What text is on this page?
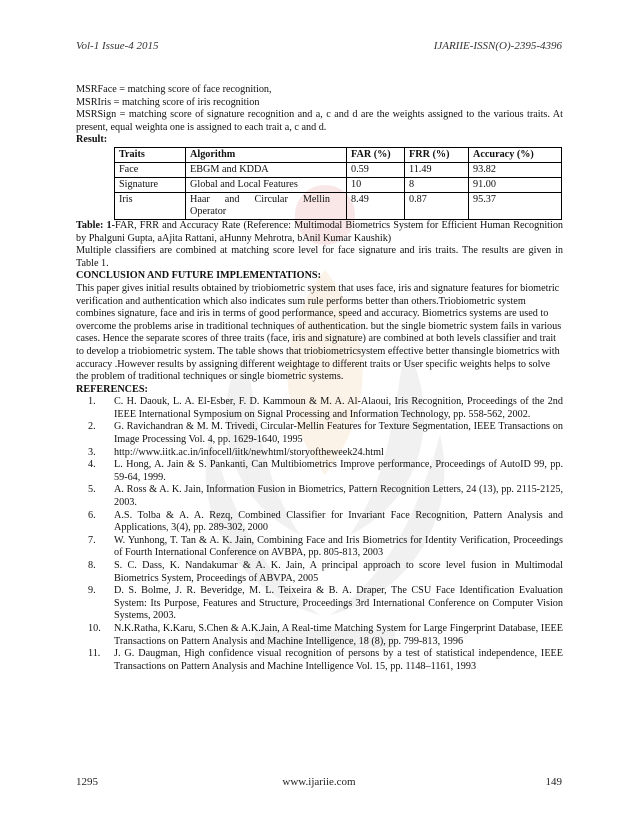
Vol-1 Issue-4 2015	IJARIIE-ISSN(O)-2395-4396

MSRFace = matching score of face recognition,

MSRIris = matching score of iris recognition

MSRSign = matching score of signature recognition and a, c and d are the weights assigned to the various traits. At present, equal weighta one is assigned to each trait a, c and d.

Result:

Traits	Algorithm	FAR (%)	FRR (%)	Accuracy (%)
Face	EBGM and KDDA	0.59	11.49	93.82
Signature	Global and Local Features	10	8	91.00
Iris	Haar and Circular Mellin Operator	8.49	0.87	95.37

Table: 1-FAR, FRR and Accuracy Rate (Reference: Multimodal Biometrics System for Efficient Human Recognition by Phalguni Gupta, aAjita Rattani, aHunny Mehrotra, bAnil Kumar Kaushik)

Multiple classifiers are combined at matching score level for face signature and iris traits. The results are given in Table 1.

CONCLUSION AND FUTURE IMPLEMENTATIONS:

This paper gives initial results obtained by triobiometric system that uses face, iris and signature features for biometric verification and authentication which also indicates sum rule performs better than others.Triobiometric system combines signature, face and iris in terms of good performance, speed and accuracy. Biometrics systems are used to overcome the problems arise in traditional techniques of authentication. but the single biometric system fails in various cases. Hence the separate scores of three traits (face, iris and signature) are combined at both levels classifier and trait to develop a triobiometric system. The table shows that triobiometricsystem effective better thansingle biometrics with accuracy .However results by assigning different weightage to different traits or User specific weights helps to solve the problem of traditional techniques or single biometric systems.

REFERENCES:

1.	C. H. Daouk, L. A. El-Esber, F. D. Kammoun & M. A. Al-Alaoui, Iris Recognition, Proceedings of the 2nd IEEE International Symposium on Signal Processing and Information Technology, pp. 558-562, 2002.
2.	G. Ravichandran & M. M. Trivedi, Circular-Mellin Features for Texture Segmentation, IEEE Transactions on Image Processing Vol. 4, pp. 1629-1640, 1995
3.	http://www.iitk.ac.in/infocell/iitk/newhtml/storyoftheweek24.html
4.	L. Hong, A. Jain & S. Pankanti, Can Multibiometrics Improve performance, Proceedings of AutoID 99, pp. 59-64, 1999.
5.	A. Ross & A. K. Jain, Information Fusion in Biometrics, Pattern Recognition Letters, 24 (13), pp. 2115-2125, 2003.
6.	A.S. Tolba & A. A. Rezq, Combined Classifier for Invariant Face Recognition, Pattern Analysis and Applications, 3(4), pp. 289-302, 2000
7.	W. Yunhong, T. Tan & A. K. Jain, Combining Face and Iris Biometrics for Identity Verification, Proceedings of Fourth International Conference on AVBPA, pp. 805-813, 2003
8.	S. C. Dass, K. Nandakumar & A. K. Jain, A principal approach to score level fusion in Multimodal Biometrics System, Proceedings of ABVPA, 2005
9.	D. S. Bolme, J. R. Beveridge, M. L. Teixeira & B. A. Draper, The CSU Face Identification Evaluation System: Its Purpose, Features and Structure, Proceedings 3rd International Conference on Computer Vision Systems, 2003.
10.	N.K.Ratha, K.Karu, S.Chen & A.K.Jain, A Real-time Matching System for Large Fingerprint Database, IEEE Transactions on Pattern Analysis and Machine Intelligence, 18 (8), pp. 799-813, 1996
11.	J. G. Daugman, High confidence visual recognition of persons by a test of statistical independence, IEEE Transactions on Pattern Analysis and Machine Intelligence Vol. 15, pp. 1148–1161, 1993
1295	www.ijariie.com	149
